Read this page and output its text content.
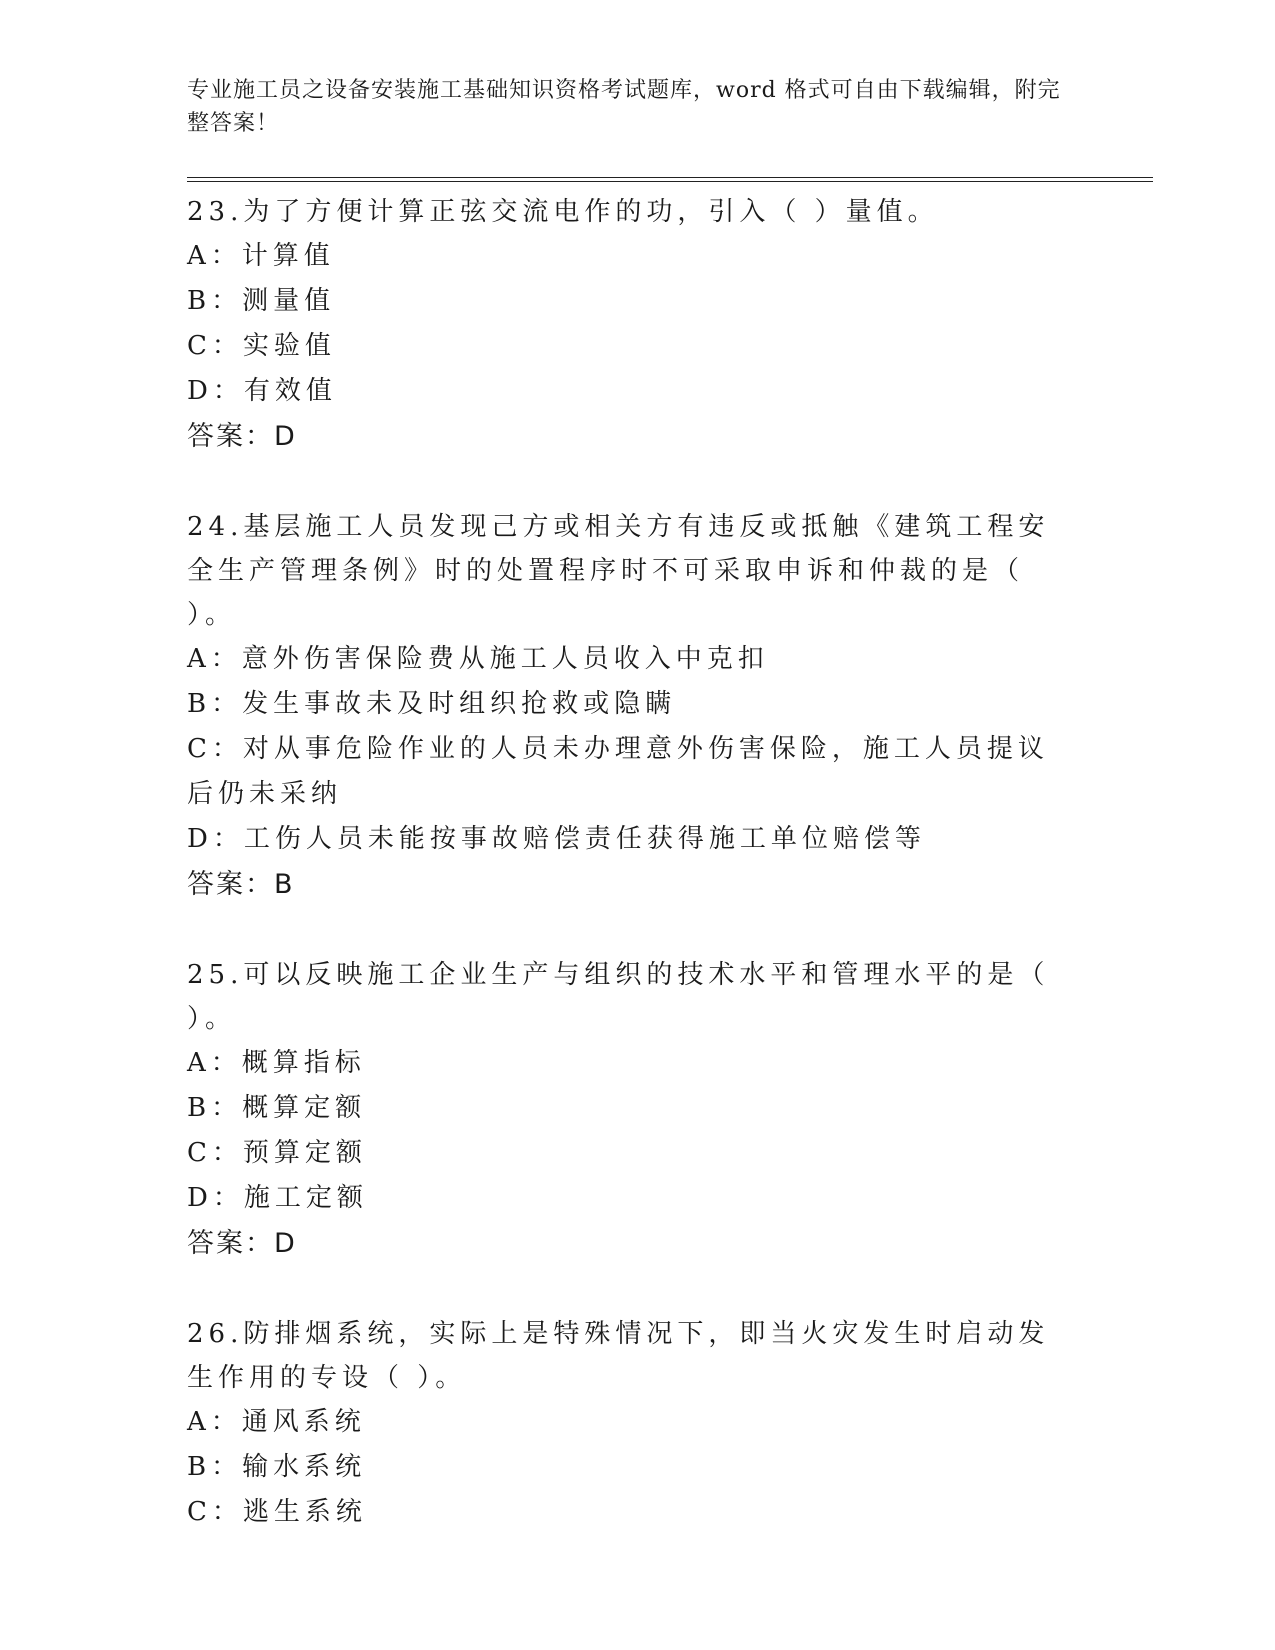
专业施工员之设备安装施工基础知识资格考试题库，word 格式可自由下载编辑，附完整答案！
23.为了方便计算正弦交流电作的功，引入（ ）量值。
A：计算值
B：测量值
C：实验值
D：有效值
答案：D
24.基层施工人员发现己方或相关方有违反或抵触《建筑工程安全生产管理条例》时的处置程序时不可采取申诉和仲裁的是（ ）。
A：意外伤害保险费从施工人员收入中克扣
B：发生事故未及时组织抢救或隐瞒
C：对从事危险作业的人员未办理意外伤害保险，施工人员提议后仍未采纳
D：工伤人员未能按事故赔偿责任获得施工单位赔偿等
答案：B
25.可以反映施工企业生产与组织的技术水平和管理水平的是（ ）。
A：概算指标
B：概算定额
C：预算定额
D：施工定额
答案：D
26.防排烟系统，实际上是特殊情况下，即当火灾发生时启动发生作用的专设（ ）。
A：通风系统
B：输水系统
C：逃生系统
